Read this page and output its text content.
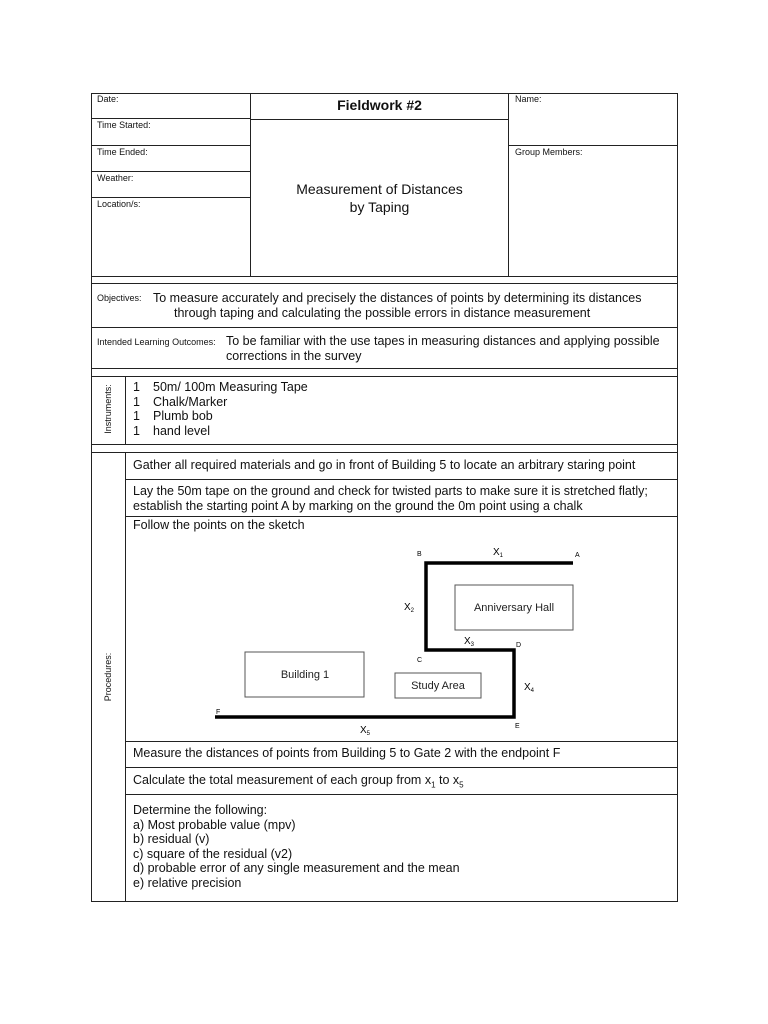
Date:
Time Started:
Time Ended:
Weather:
Location/s:
Fieldwork #2
Measurement of Distances
by Taping
Name:
Group Members:
Objectives: To measure accurately and precisely the distances of points by determining its distances
through taping and calculating the possible errors in distance measurement
Intended Learning Outcomes: To be familiar with the use tapes in measuring distances and applying possible
corrections in the survey
Instruments: 1	50m/ 100m Measuring Tape
1	Chalk/Marker
1	Plumb bob
1	hand level
Procedures:
Gather all required materials and go in front of Building 5 to locate an arbitrary staring point
Lay the 50m tape on the ground and check for twisted parts to make sure it is stretched flatly;
establish the starting point A by marking on the ground the 0m point using a chalk
Follow the points on the sketch
Anniversary Hall
Building 1
Study Area
A
B
C
D
E
F
$X_1$
$X_2$
$X_3$
$X_4$
$X_5$
Measure the distances of points from Building 5 to Gate 2 with the endpoint F
Calculate the total measurement of each group from $x_1$ to $x_5$
Determine the following:
a) Most probable value (mpv)
b) residual (v)
c) square of the residual (v2)
d) probable error of any single measurement and the mean
e) relative precision
